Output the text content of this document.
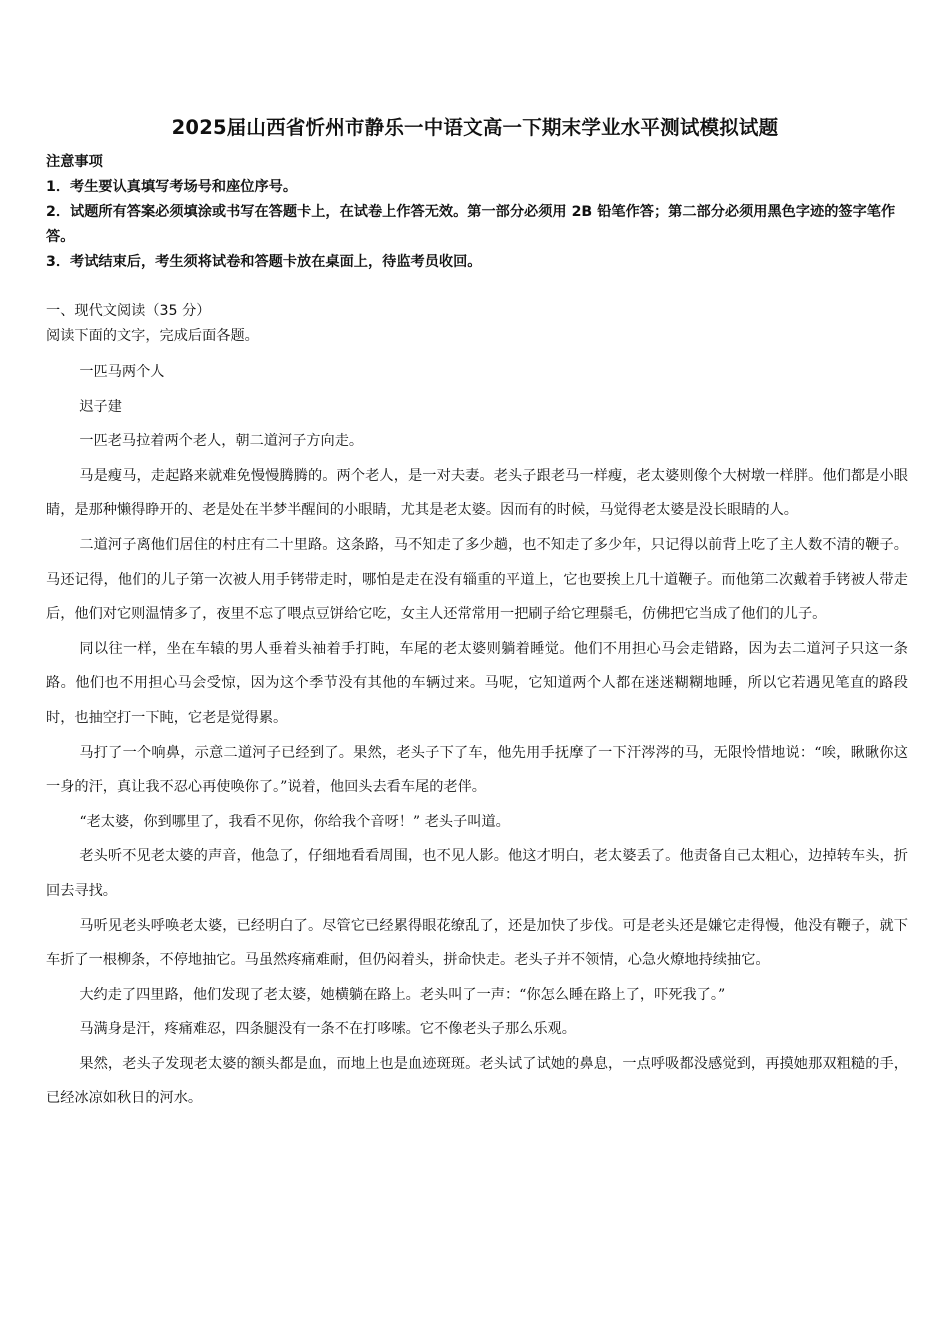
2025届山西省忻州市静乐一中语文高一下期末学业水平测试模拟试题

注意事项

1．考生要认真填写考场号和座位序号。

2．试题所有答案必须填涂或书写在答题卡上，在试卷上作答无效。第一部分必须用 2B 铅笔作答；第二部分必须用黑色字迹的签字笔作答。

3．考试结束后，考生须将试卷和答题卡放在桌面上，待监考员收回。

一、现代文阅读（35 分）

阅读下面的文字，完成后面各题。

一匹马两个人

迟子建

一匹老马拉着两个老人，朝二道河子方向走。

马是瘦马，走起路来就难免慢慢腾腾的。两个老人，是一对夫妻。老头子跟老马一样瘦，老太婆则像个大树墩一样胖。他们都是小眼睛，是那种懒得睁开的、老是处在半梦半醒间的小眼睛，尤其是老太婆。因而有的时候，马觉得老太婆是没长眼睛的人。

二道河子离他们居住的村庄有二十里路。这条路，马不知走了多少趟，也不知走了多少年，只记得以前背上吃了主人数不清的鞭子。马还记得，他们的儿子第一次被人用手铐带走时，哪怕是走在没有辎重的平道上，它也要挨上几十道鞭子。而他第二次戴着手铐被人带走后，他们对它则温情多了，夜里不忘了喂点豆饼给它吃，女主人还常常用一把刷子给它理鬃毛，仿佛把它当成了他们的儿子。

同以往一样，坐在车辕的男人垂着头袖着手打盹，车尾的老太婆则躺着睡觉。他们不用担心马会走错路，因为去二道河子只这一条路。他们也不用担心马会受惊，因为这个季节没有其他的车辆过来。马呢，它知道两个人都在迷迷糊糊地睡，所以它若遇见笔直的路段时，也抽空打一下盹，它老是觉得累。

马打了一个响鼻，示意二道河子已经到了。果然，老头子下了车，他先用手抚摩了一下汗涔涔的马，无限怜惜地说：“唉，瞅瞅你这一身的汗，真让我不忍心再使唤你了。”说着，他回头去看车尾的老伴。

“老太婆，你到哪里了，我看不见你，你给我个音呀！” 老头子叫道。

老头听不见老太婆的声音，他急了，仔细地看看周围，也不见人影。他这才明白，老太婆丢了。他责备自己太粗心，边掉转车头，折回去寻找。

马听见老头呼唤老太婆，已经明白了。尽管它已经累得眼花缭乱了，还是加快了步伐。可是老头还是嫌它走得慢，他没有鞭子，就下车折了一根柳条，不停地抽它。马虽然疼痛难耐，但仍闷着头，拼命快走。老头子并不领情，心急火燎地持续抽它。

大约走了四里路，他们发现了老太婆，她横躺在路上。老头叫了一声：“你怎么睡在路上了，吓死我了。”

马满身是汗，疼痛难忍，四条腿没有一条不在打哆嗦。它不像老头子那么乐观。

果然，老头子发现老太婆的额头都是血，而地上也是血迹斑斑。老头试了试她的鼻息，一点呼吸都没感觉到，再摸她那双粗糙的手，已经冰凉如秋日的河水。
